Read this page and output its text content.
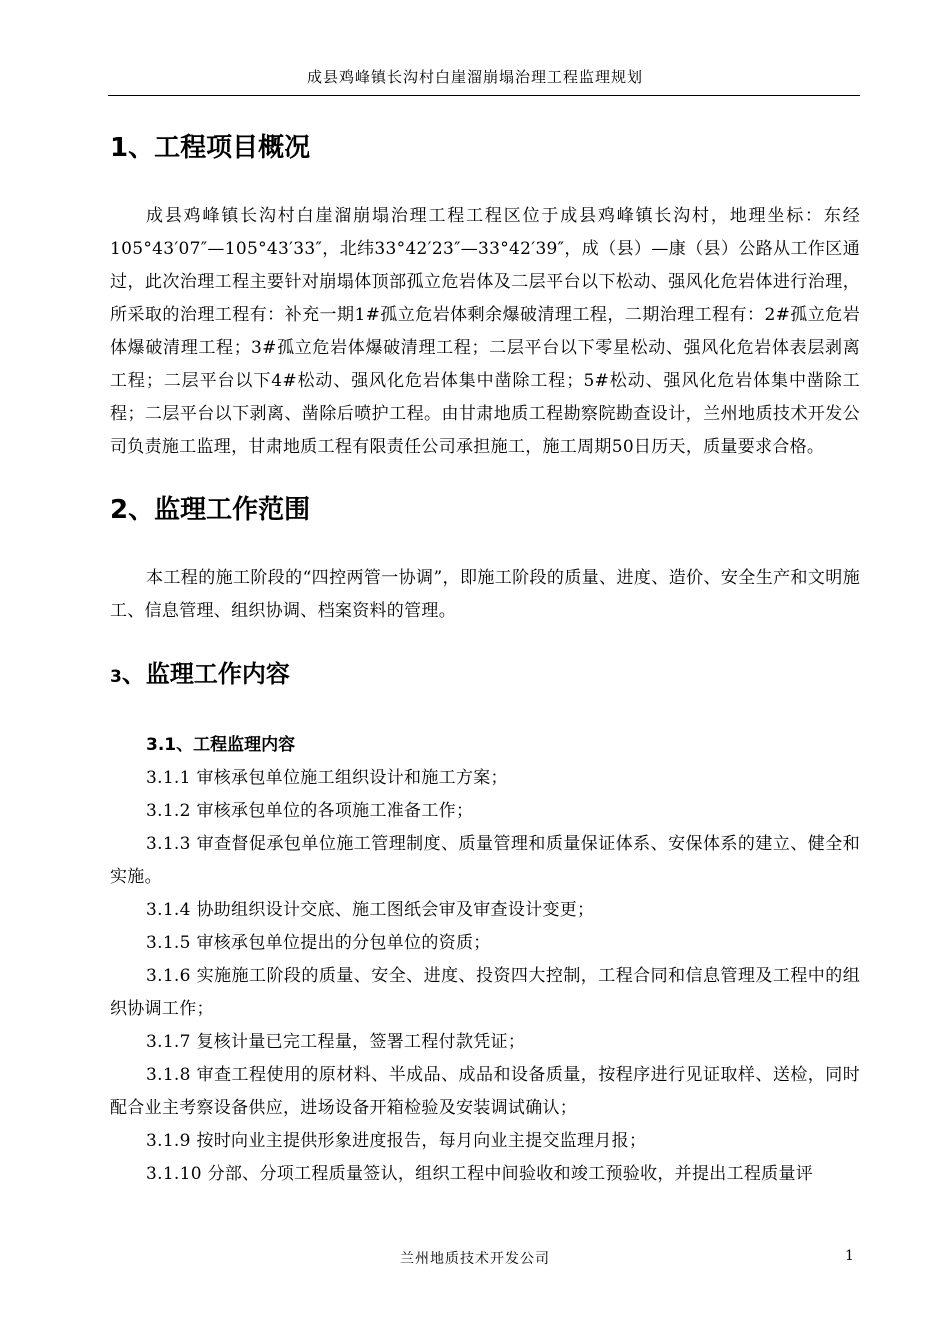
成县鸡峰镇长沟村白崖溜崩塌治理工程监理规划
1、工程项目概况

成县鸡峰镇长沟村白崖溜崩塌治理工程工程区位于成县鸡峰镇长沟村，地理坐标：东经105°43′07″—105°43′33″，北纬33°42′23″—33°42′39″，成（县）—康（县）公路从工作区通过，此次治理工程主要针对崩塌体顶部孤立危岩体及二层平台以下松动、强风化危岩体进行治理，所采取的治理工程有：补充一期1#孤立危岩体剩余爆破清理工程，二期治理工程有：2#孤立危岩体爆破清理工程；3#孤立危岩体爆破清理工程；二层平台以下零星松动、强风化危岩体表层剥离工程；二层平台以下4#松动、强风化危岩体集中凿除工程；5#松动、强风化危岩体集中凿除工程；二层平台以下剥离、凿除后喷护工程。由甘肃地质工程勘察院勘查设计，兰州地质技术开发公司负责施工监理，甘肃地质工程有限责任公司承担施工，施工周期50日历天，质量要求合格。

2、监理工作范围

本工程的施工阶段的“四控两管一协调”，即施工阶段的质量、进度、造价、安全生产和文明施工、信息管理、组织协调、档案资料的管理。

3、监理工作内容
3.1、工程监理内容

3.1.1 审核承包单位施工组织设计和施工方案；

3.1.2 审核承包单位的各项施工准备工作；

3.1.3 审查督促承包单位施工管理制度、质量管理和质量保证体系、安保体系的建立、健全和实施。

3.1.4 协助组织设计交底、施工图纸会审及审查设计变更；

3.1.5 审核承包单位提出的分包单位的资质；

3.1.6 实施施工阶段的质量、安全、进度、投资四大控制，工程合同和信息管理及工程中的组织协调工作；

3.1.7 复核计量已完工程量，签署工程付款凭证；

3.1.8 审查工程使用的原材料、半成品、成品和设备质量，按程序进行见证取样、送检，同时配合业主考察设备供应，进场设备开箱检验及安装调试确认；

3.1.9 按时向业主提供形象进度报告，每月向业主提交监理月报；

3.1.10 分部、分项工程质量签认，组织工程中间验收和竣工预验收，并提出工程质量评

兰州地质技术开发公司	1
